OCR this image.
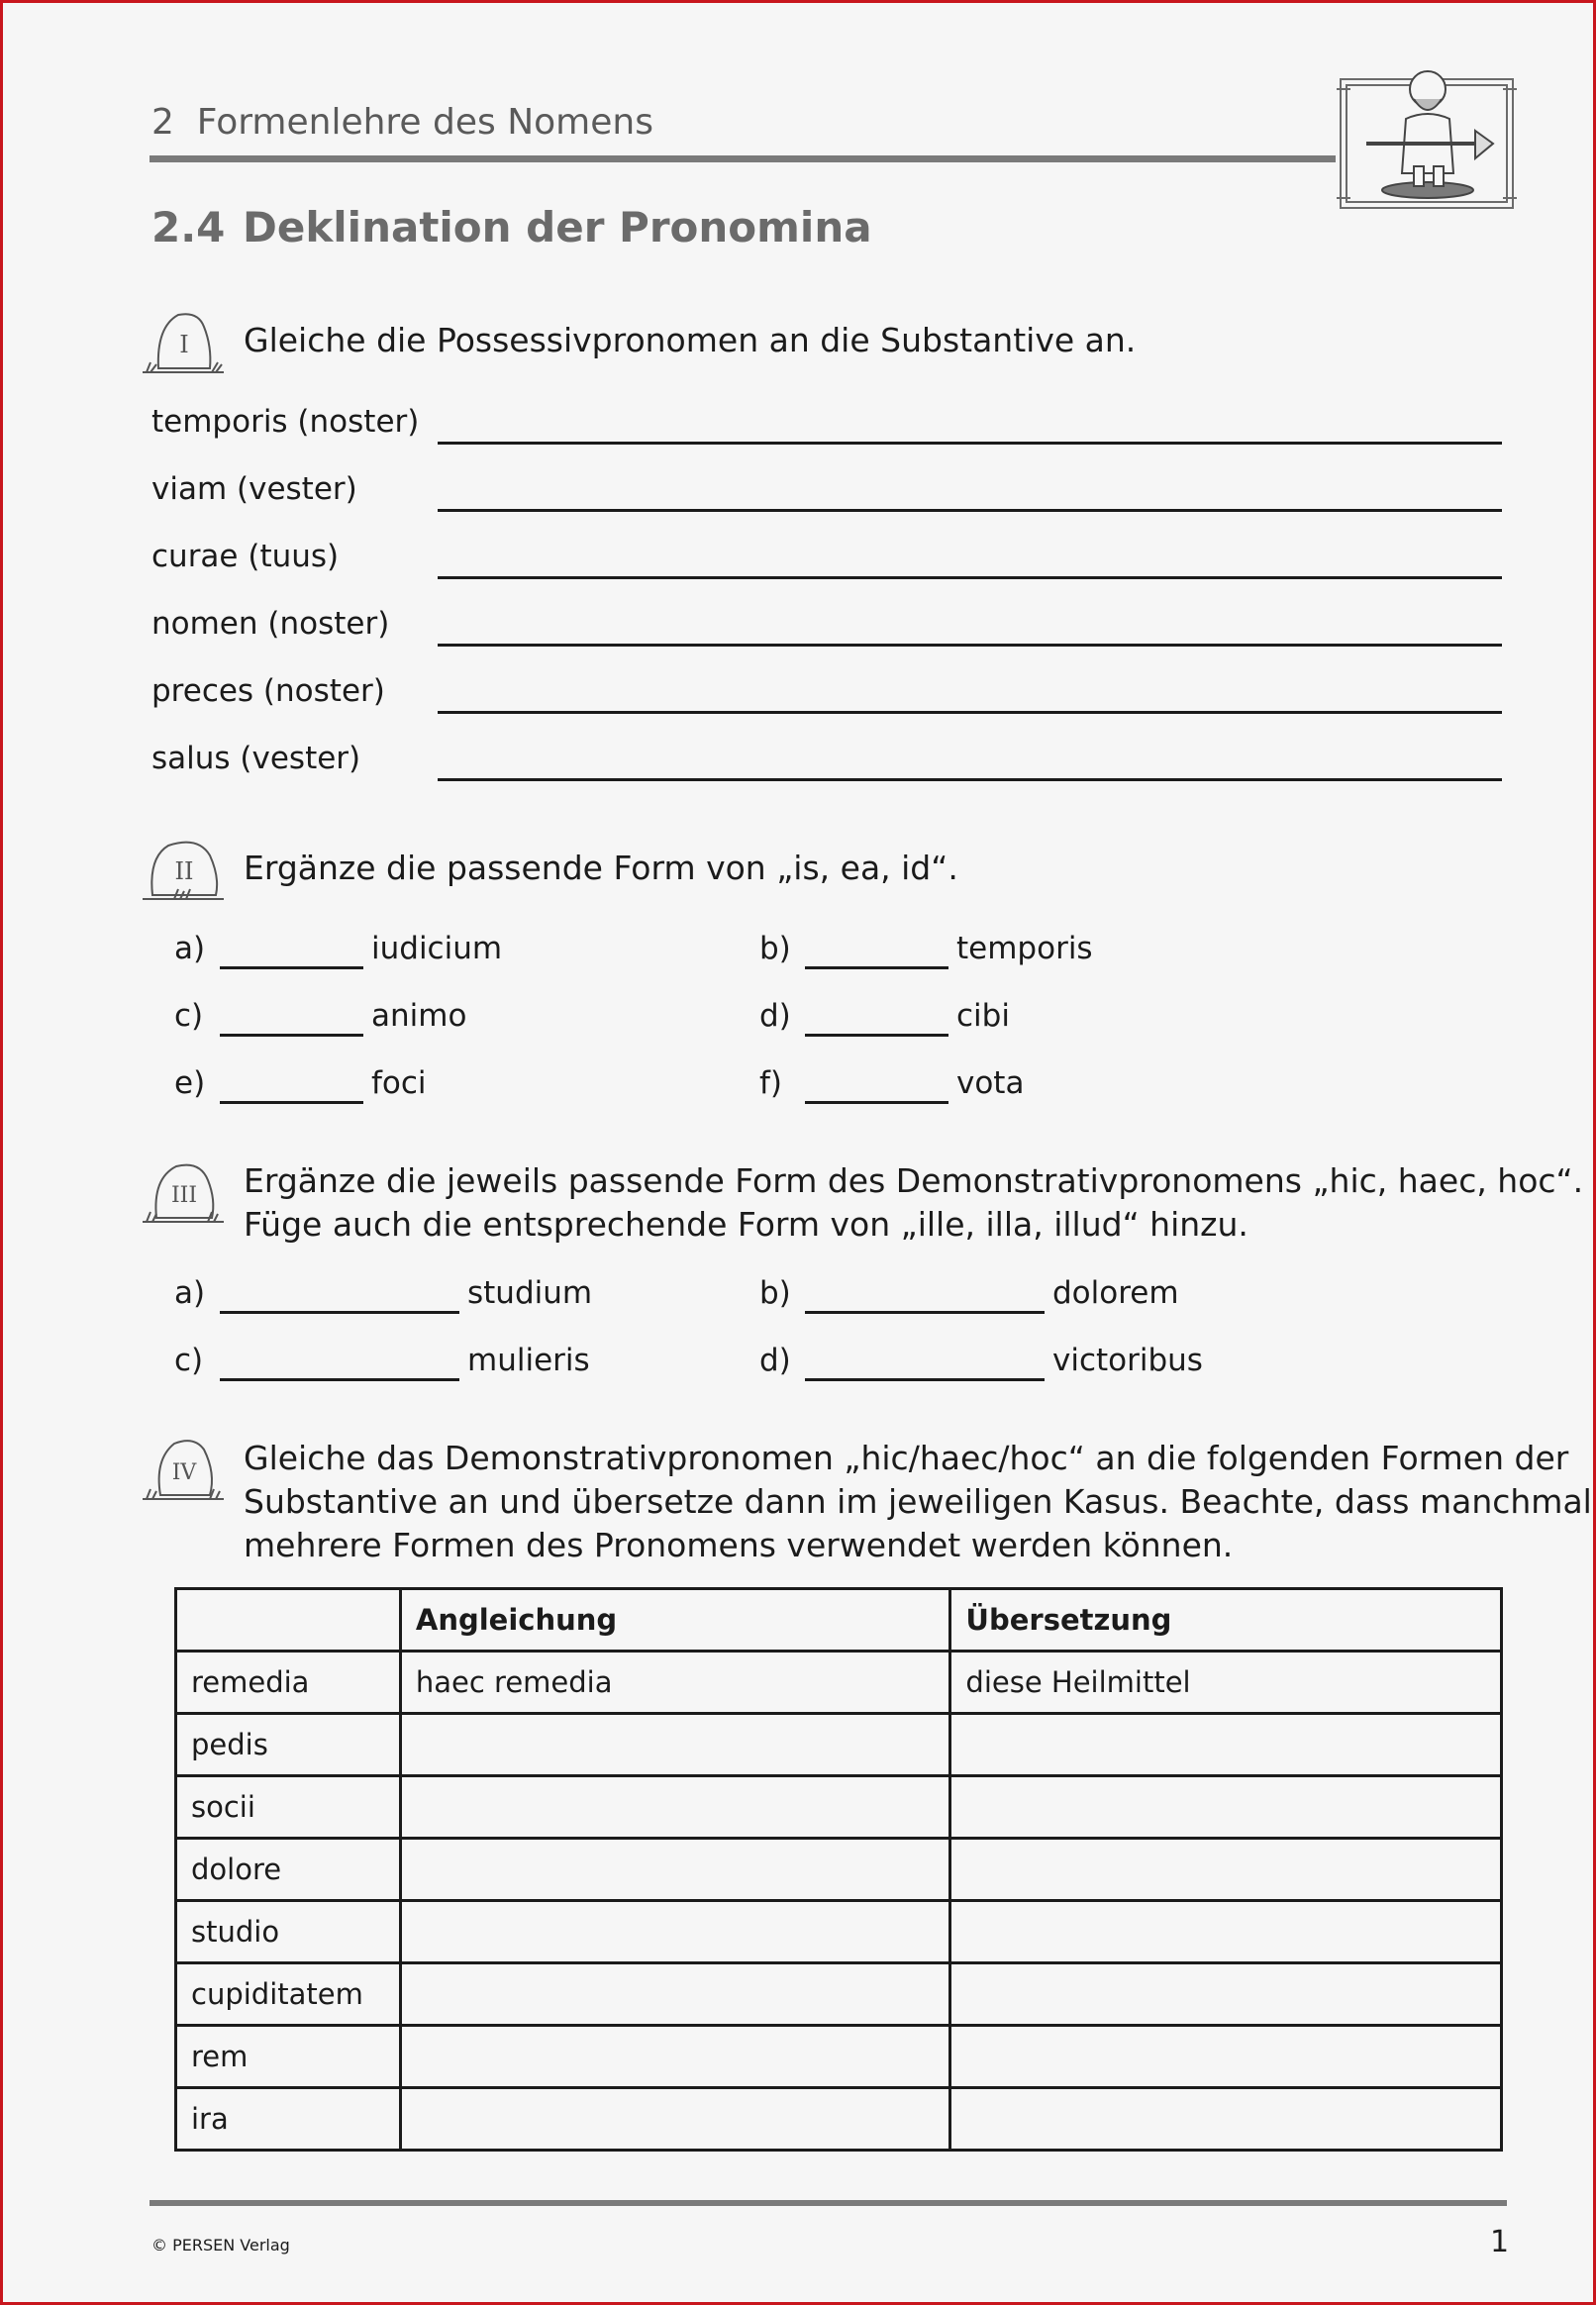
2 Formenlehre des Nomens
2.4 Deklination der Pronomina
I Gleiche die Possessivpronomen an die Substantive an.
temporis (noster)
viam (vester)
curae (tuus)
nomen (noster)
preces (noster)
salus (vester)
II Ergänze die passende Form von „is, ea, id“.
a)	iudicium	b)	temporis
c)	animo	d)	cibi
e)	foci	f)	vota
III Ergänze die jeweils passende Form des Demonstrativpronomens „hic, haec, hoc“.
Füge auch die entsprechende Form von „ille, illa, illud“ hinzu.
a)	studium	b)	dolorem
c)	mulieris	d)	victoribus
IV Gleiche das Demonstrativpronomen „hic/haec/hoc“ an die folgenden Formen der
Substantive an und übersetze dann im jeweiligen Kasus. Beachte, dass manchmal
mehrere Formen des Pronomens verwendet werden können.
	Angleichung	Übersetzung
remedia	haec remedia	diese Heilmittel
pedis		
socii		
dolore		
studio		
cupiditatem		
rem		
ira		
© PERSEN Verlag	1
